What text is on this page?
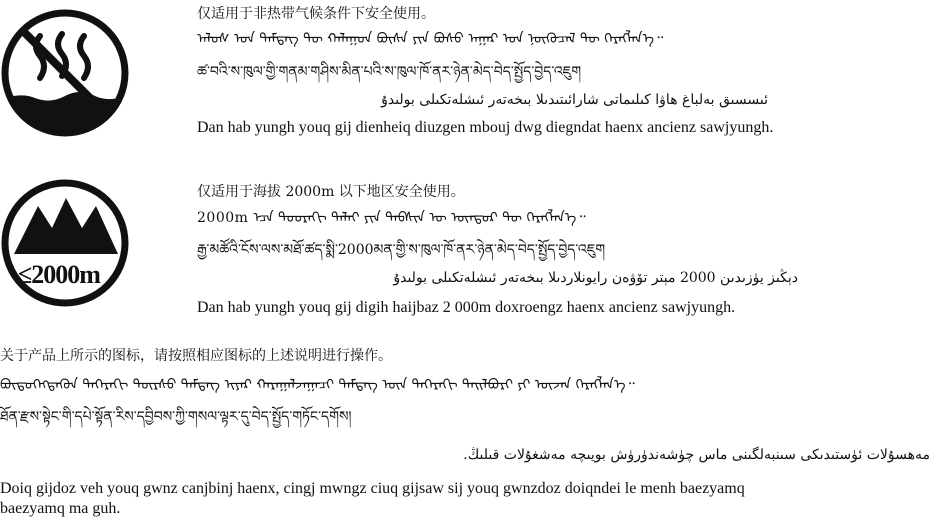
≤2000m
仅适用于非热带气候条件下安全使用。
ᠠᠯᠤᠰ ᠤᠨ ᠲᠡᠮᠳᠡᠭ ᠲᠦ ᠬᠠᠯᠠᠭᠤᠨ ᠪᠦᠰᠡ ᠶᠢᠨ ᠪᠤᠰᠤ ᠠᠭᠠᠷ ᠤᠨ ᠨᠦᠬᠦᠴᠡᠯ ᠲᠦ ᠬᠡᠷᠡᠭᠯᠡᠨ᠎ᠡ᠃
ཚ་བའི་ས་ཁུལ་གྱི་གནམ་གཤིས་མིན་པའི་ས་ཁུལ་ཁོ་ནར་ཉེན་མེད་བེད་སྤྱོད་བྱེད་འཇུག
ئىسسىق بەلباغ ھاۋا كىلىماتى شارائىتىدىلا بىخەتەر ئىشلەتكىلى بولىدۇ
Dan hab yungh youq gij dienheiq diuzgen mbouj dwg diegndat haenx ancienz sawjyungh.
仅适用于海拔 2000m 以下地区安全使用。
2000m ᠡᠴᠡ ᠳᠣᠣᠷᠠᠬᠢ ᠳᠠᠯᠠᠢ ᠶᠢᠨ ᠲᠡᠪᠰᠢᠨ ᠦ ᠥᠨᠳᠦᠷ ᠲᠦ ᠬᠡᠷᠡᠭᠯᠡᠨ᠎ᠡ᠃
རྒྱ་མཚོའི་ངོས་ལས་མཐོ་ཚད་སྨི་2000མན་གྱི་ས་ཁུལ་ཁོ་ནར་ཉེན་མེད་བེད་སྤྱོད་བྱེད་འཇུག
دېڭىز يۈزىدىن 2000 مېتر تۆۋەن رايونلاردىلا بىخەتەر ئىشلەتكىلى بولىدۇ
Dan hab yungh youq gij digih haijbaz 2 000m doxroengz haenx ancienz sawjyungh.
关于产品上所示的图标，请按照相应图标的上述说明进行操作。
ᠪᠦᠲᠦᠭᠡᠭᠳᠡᠬᠦᠨ ᠳᠡᠭᠡᠷᠡᠬᠢ ᠳᠦᠷᠰᠦ ᠲᠡᠮᠳᠡᠭ ᠢᠶᠡᠷ ᠬᠠᠷᠠᠭᠠᠯᠵᠠᠭᠠᠴᠢ ᠲᠡᠮᠳᠡᠭ ᠦᠨ ᠳᠡᠭᠡᠷᠡᠬᠢ ᠲᠠᠢᠯᠪᠤᠷᠢ ᠶᠢ ᠦᠵᠡᠨ ᠬᠡᠷᠡᠭᠯᠡᠨ᠎ᠡ᠃
ཐོན་རྫས་སྟེང་གི་དཔེ་སྟོན་རིས་དབྱིབས་ཀྱི་གསལ་ལྟར་དུ་བེད་སྤྱོད་གཏོང་དགོས།
مەھسۇلات ئۈستىدىكى سىنبەلگىنى ماس چۈشەندۈرۈش بويىچە مەشغۇلات قىلىڭ.
Doiq gijdoz veh youq gwnz canjbinj haenx, cingj mwngz ciuq gijsaw sij youq gwnzdoz doiqndei le menh baezyamq
baezyamq ma guh.
